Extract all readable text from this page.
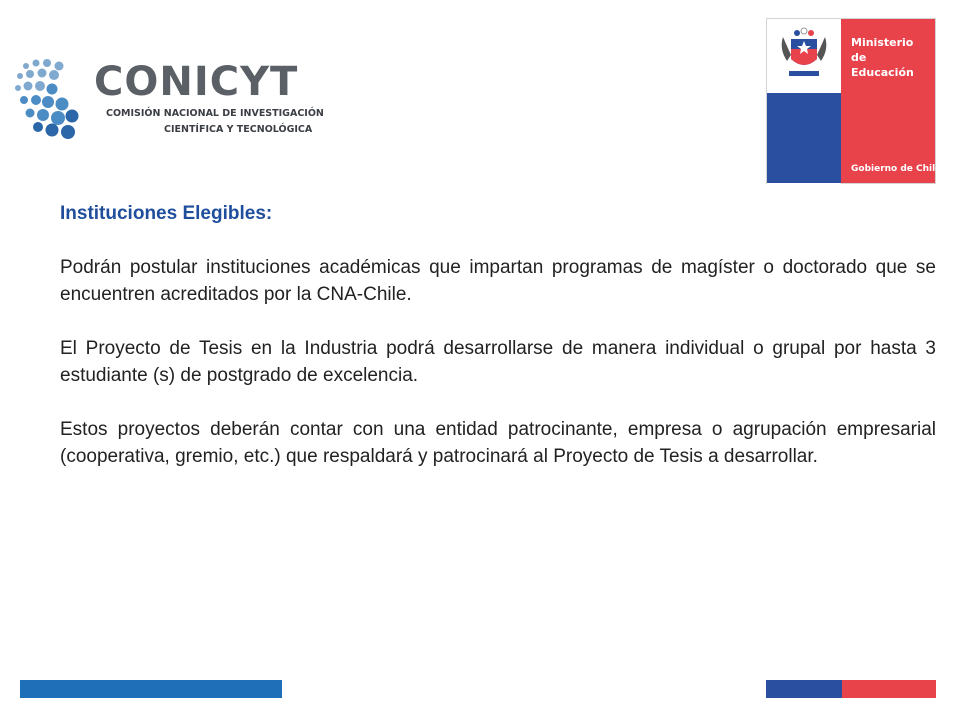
CONICYT
COMISIÓN NACIONAL DE INVESTIGACIÓN
CIENTÍFICA Y TECNOLÓGICA
Ministerio de Educación
Gobierno de Chile

Instituciones Elegibles:

Podrán postular instituciones académicas que impartan programas de magíster o doctorado que se encuentren acreditados por la CNA-Chile.

El Proyecto de Tesis en la Industria podrá desarrollarse de manera individual o grupal por hasta 3 estudiante (s) de postgrado de excelencia.

Estos proyectos deberán contar con una entidad patrocinante, empresa o agrupación empresarial (cooperativa, gremio, etc.) que respaldará y patrocinará al Proyecto de Tesis a desarrollar.
